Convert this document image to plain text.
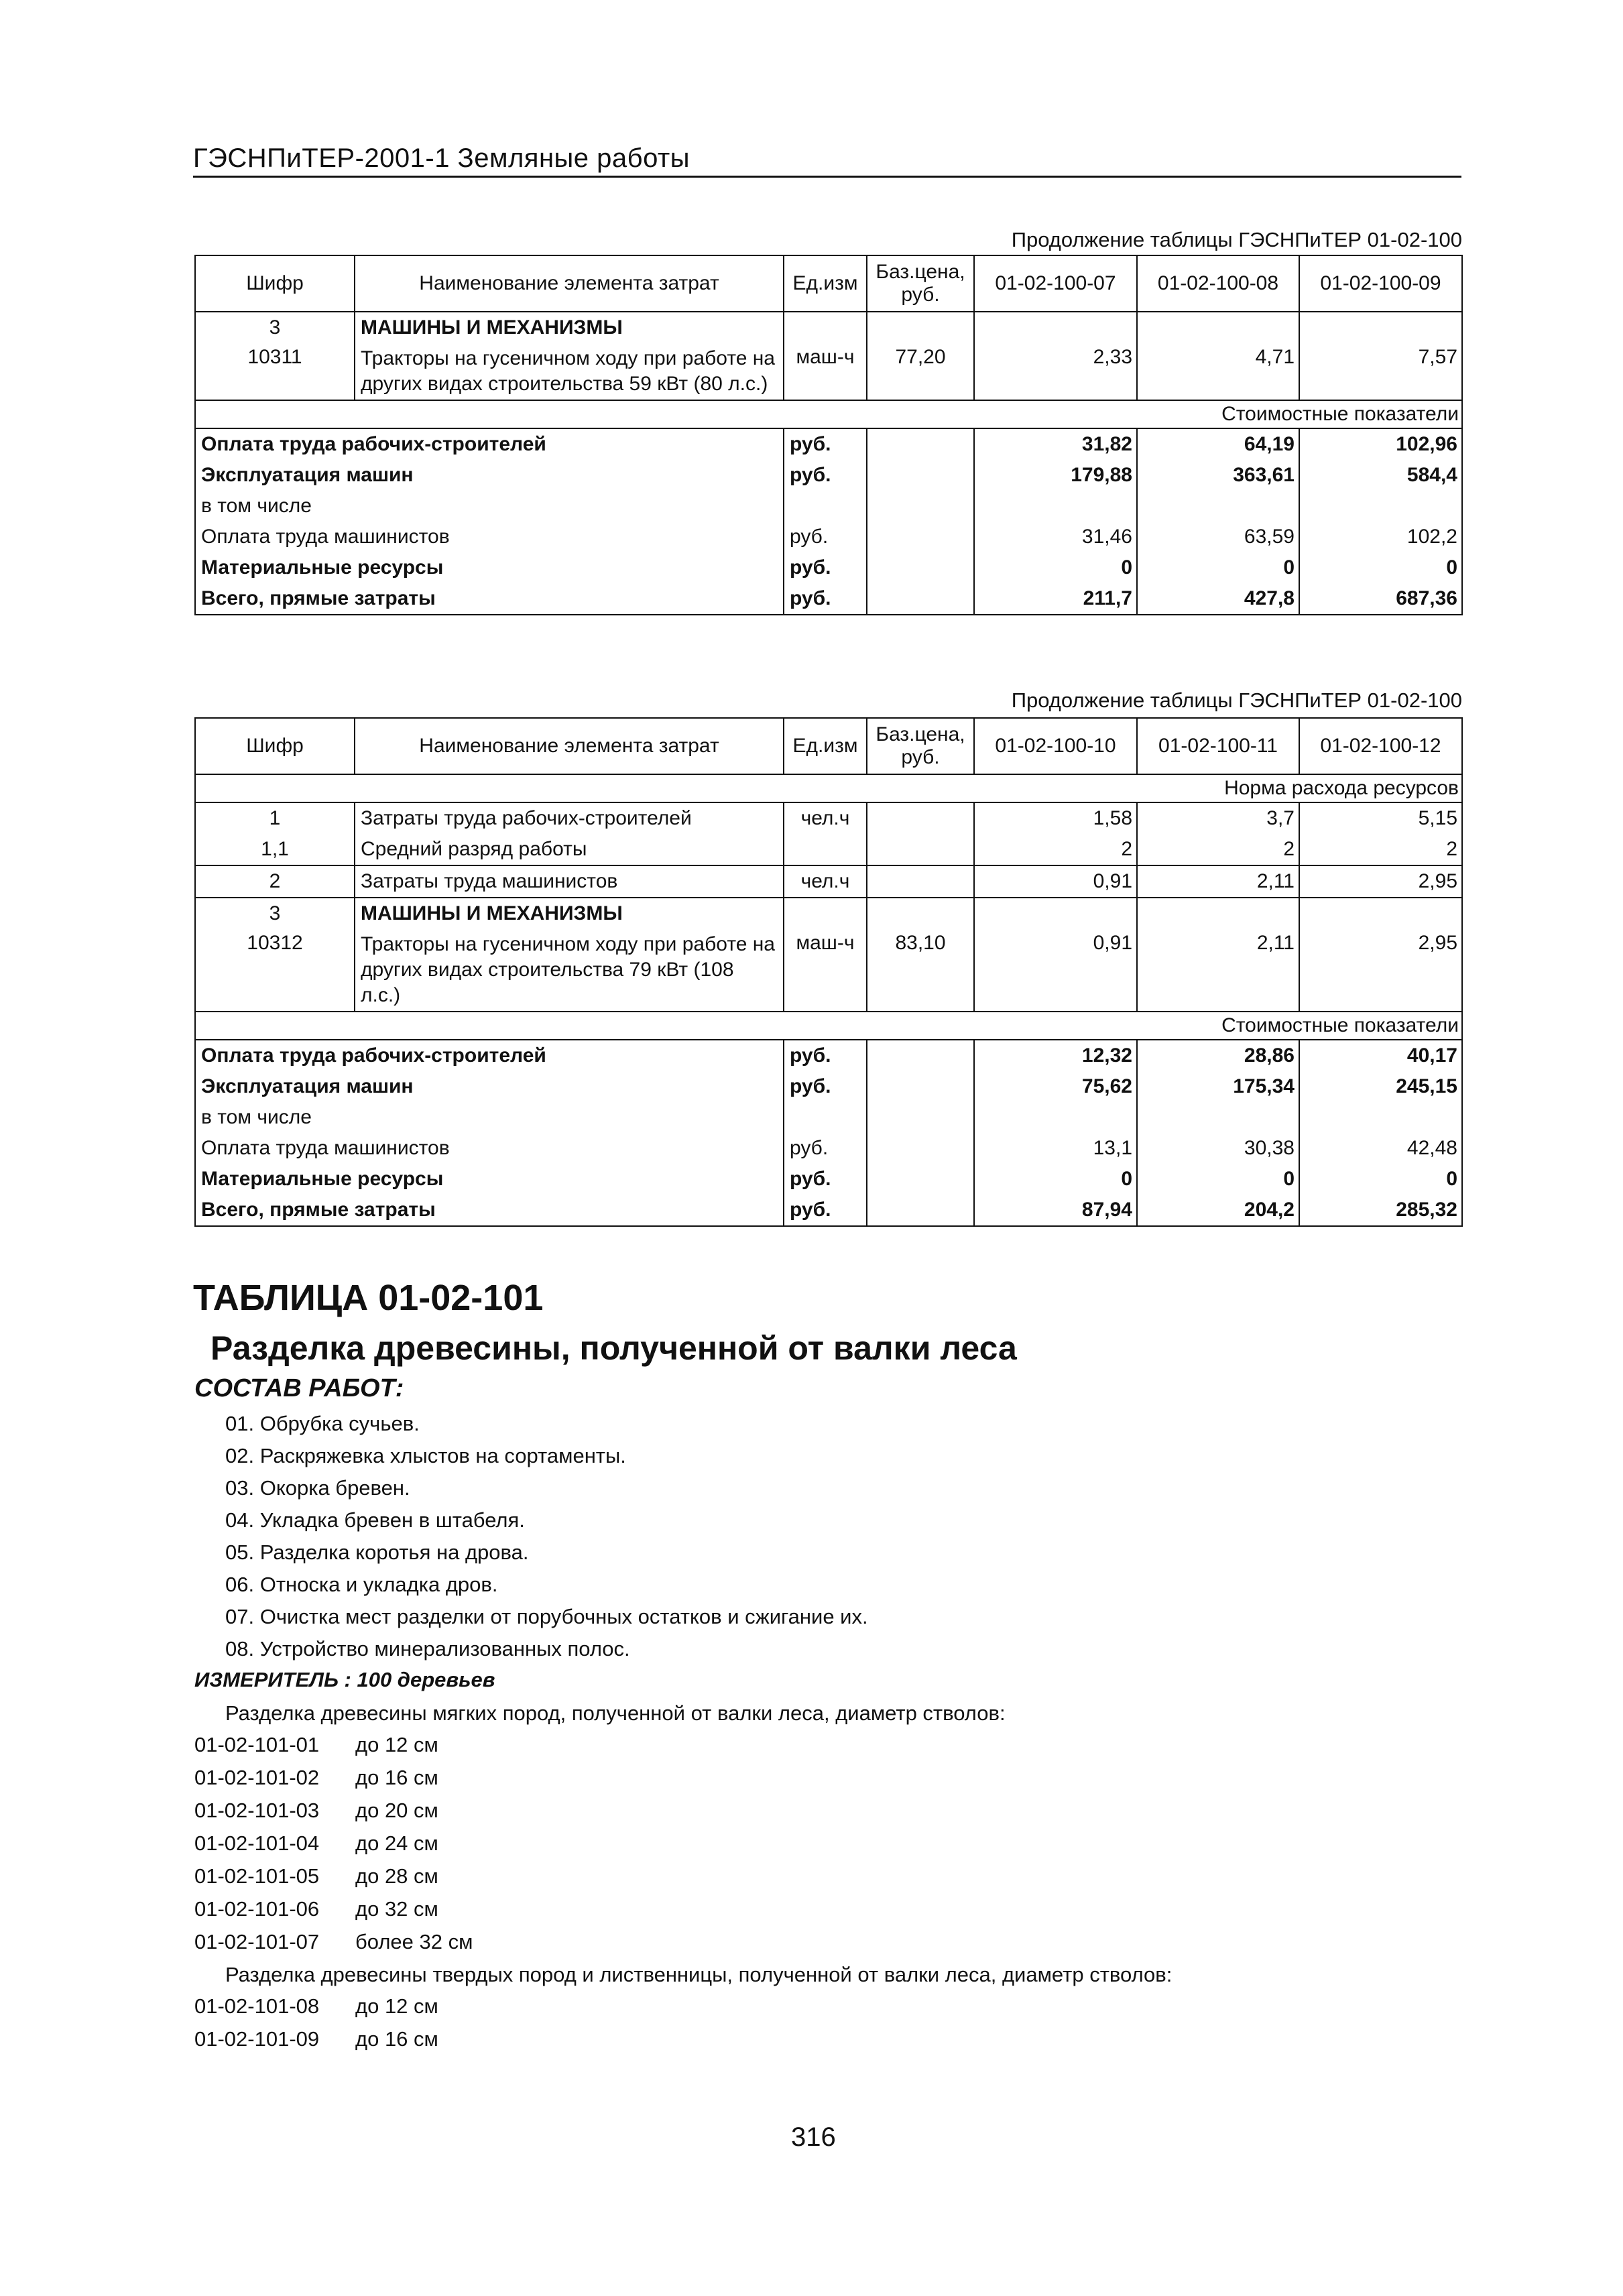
ГЭСНПиТЕР-2001-1 Земляные работы
Продолжение таблицы ГЭСНПиТЕР 01-02-100
Шифр	Наименование элемента затрат	Ед.изм	Баз.цена, руб.	01-02-100-07	01-02-100-08	01-02-100-09
3	МАШИНЫ И МЕХАНИЗМЫ					
10311	Тракторы на гусеничном ходу при работе на других видах строительства 59 кВт (80 л.с.)	маш-ч	77,20	2,33	4,71	7,57
Стоимостные показатели						
Оплата труда рабочих-строителей		руб.		31,82	64,19	102,96
Эксплуатация машин		руб.		179,88	363,61	584,4
в том числе						
Оплата труда машинистов		руб.		31,46	63,59	102,2
Материальные ресурсы		руб.		0	0	0
Всего, прямые затраты		руб.		211,7	427,8	687,36
Продолжение таблицы ГЭСНПиТЕР 01-02-100
Шифр	Наименование элемента затрат	Ед.изм	Баз.цена, руб.	01-02-100-10	01-02-100-11	01-02-100-12
Норма расхода ресурсов						
1	Затраты труда рабочих-строителей	чел.ч		1,58	3,7	5,15
1,1	Средний разряд работы			2	2	2
2	Затраты труда машинистов	чел.ч		0,91	2,11	2,95
3	МАШИНЫ И МЕХАНИЗМЫ					
10312	Тракторы на гусеничном ходу при работе на других видах строительства 79 кВт (108 л.с.)	маш-ч	83,10	0,91	2,11	2,95
Стоимостные показатели						
Оплата труда рабочих-строителей		руб.		12,32	28,86	40,17
Эксплуатация машин		руб.		75,62	175,34	245,15
в том числе						
Оплата труда машинистов		руб.		13,1	30,38	42,48
Материальные ресурсы		руб.		0	0	0
Всего, прямые затраты		руб.		87,94	204,2	285,32
ТАБЛИЦА 01-02-101
Разделка древесины, полученной от валки леса
СОСТАВ РАБОТ:
01. Обрубка сучьев.
02. Раскряжевка хлыстов на сортаменты.
03. Окорка бревен.
04. Укладка бревен в штабеля.
05. Разделка коротья на дрова.
06. Относка и укладка дров.
07. Очистка мест разделки от порубочных остатков и сжигание их.
08. Устройство минерализованных полос.
ИЗМЕРИТЕЛЬ : 100 деревьев
Разделка древесины мягких пород, полученной от валки леса, диаметр стволов:
01-02-101-01 до 12 см
01-02-101-02 до 16 см
01-02-101-03 до 20 см
01-02-101-04 до 24 см
01-02-101-05 до 28 см
01-02-101-06 до 32 см
01-02-101-07 более 32 см
Разделка древесины твердых пород и лиственницы, полученной от валки леса, диаметр стволов:
01-02-101-08 до 12 см
01-02-101-09 до 16 см
316
